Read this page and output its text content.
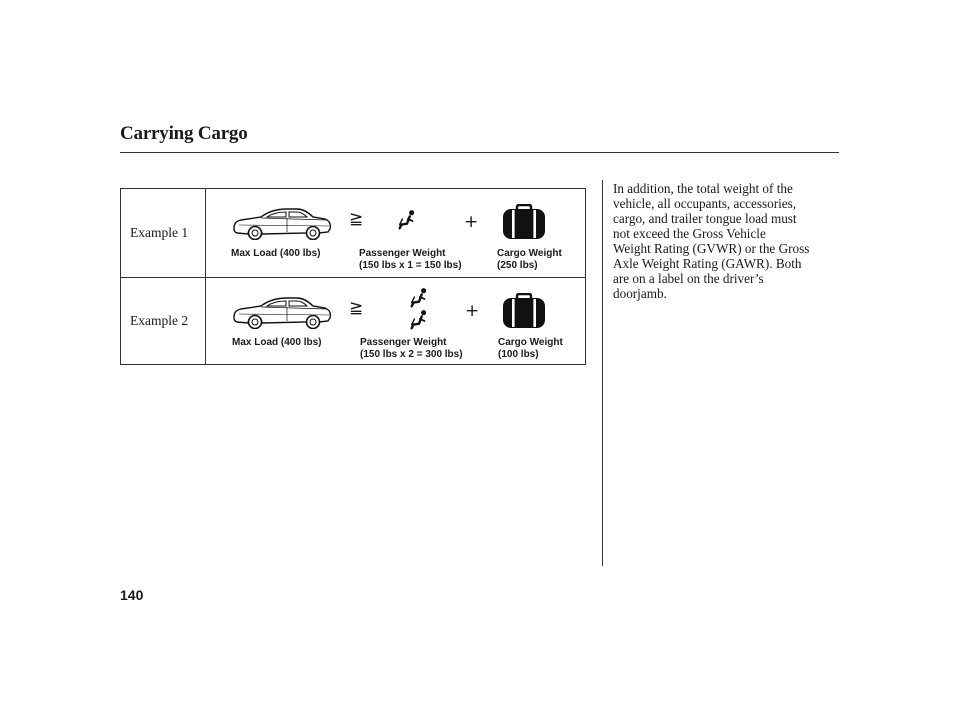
Carrying Cargo
Example 1
≧	+
Max Load (400 lbs)	Passenger Weight
(150 lbs x 1 = 150 lbs)
Cargo Weight
(250 lbs)
Example 2
≧	+
Max Load (400 lbs)	Passenger Weight
(150 lbs x 2 = 300 lbs)
Cargo Weight
(100 lbs)
In addition, the total weight of the
vehicle, all occupants, accessories,
cargo, and trailer tongue load must
not exceed the Gross Vehicle
Weight Rating (GVWR) or the Gross
Axle Weight Rating (GAWR). Both
are on a label on the driver’s
doorjamb.
140
